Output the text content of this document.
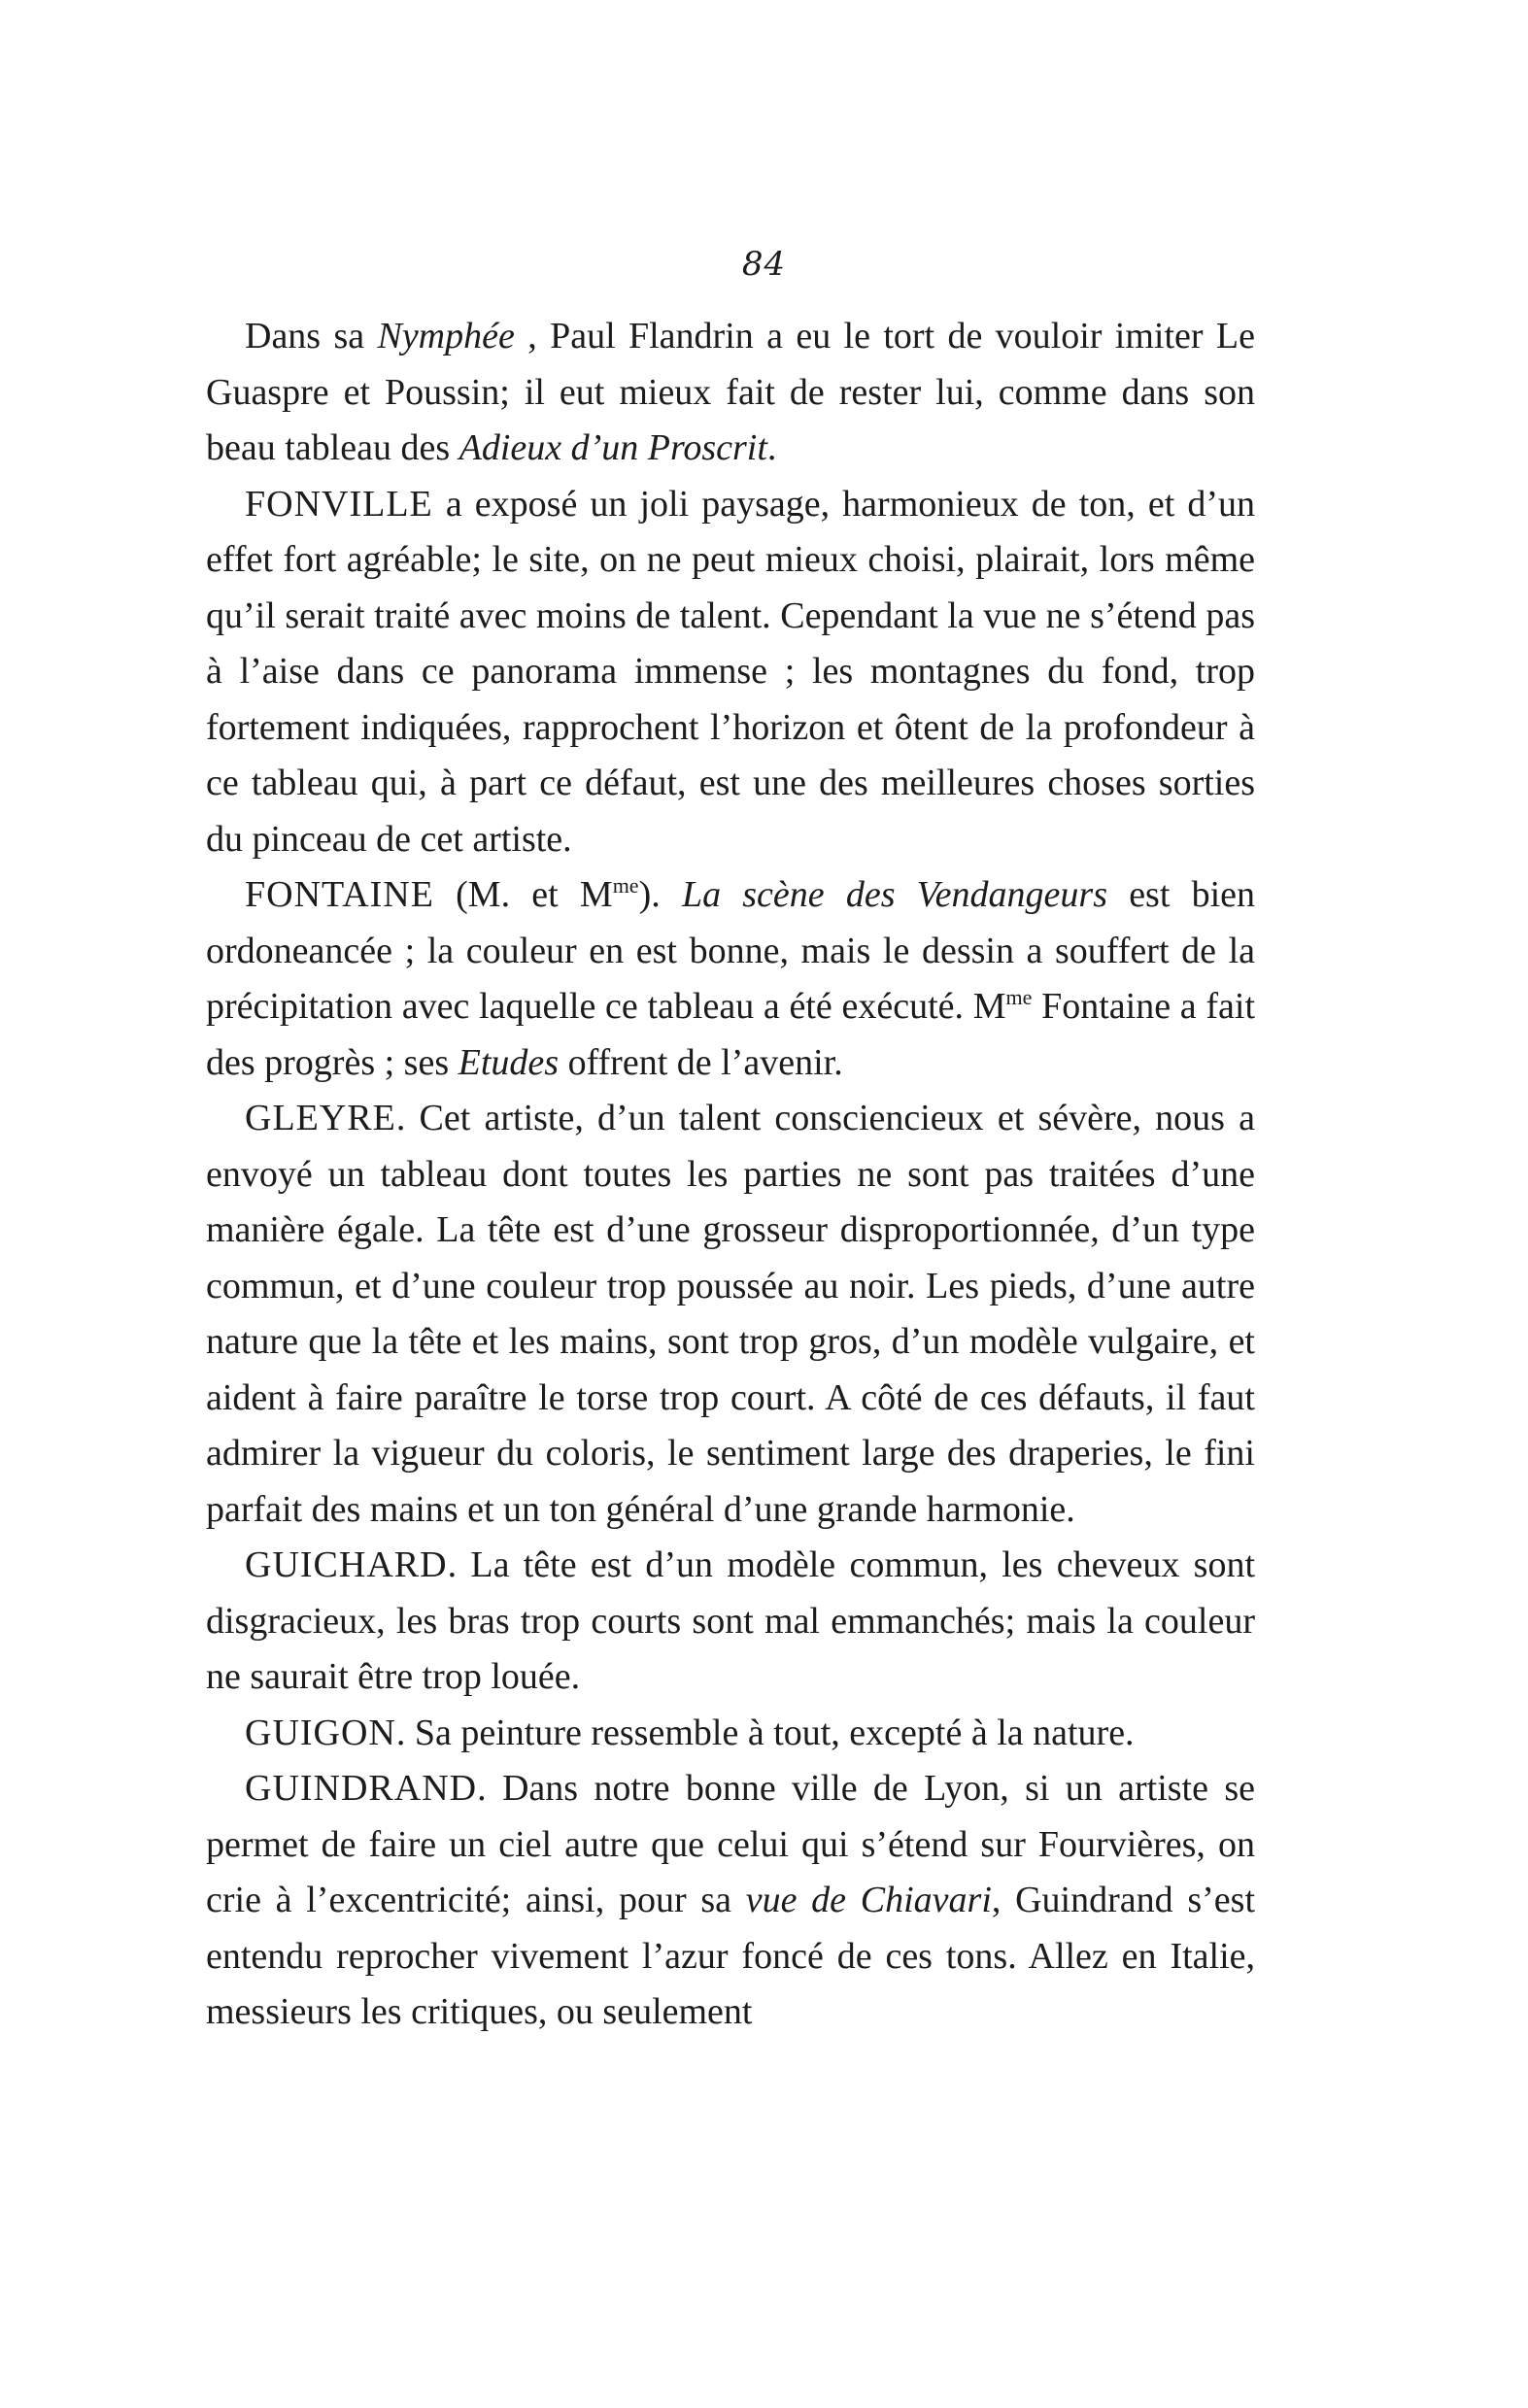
84

Dans sa Nymphée , Paul Flandrin a eu le tort de vouloir imiter Le Guaspre et Poussin; il eut mieux fait de rester lui, comme dans son beau tableau des Adieux d’un Proscrit.

FONVILLE a exposé un joli paysage, harmonieux de ton, et d’un effet fort agréable; le site, on ne peut mieux choisi, plairait, lors même qu’il serait traité avec moins de talent. Cependant la vue ne s’étend pas à l’aise dans ce panorama immense ; les montagnes du fond, trop fortement indiquées, rapprochent l’horizon et ôtent de la profondeur à ce tableau qui, à part ce défaut, est une des meilleures choses sorties du pinceau de cet artiste.

FONTAINE (M. et $M^{me}$). La scène des Vendangeurs est bien ordoneancée ; la couleur en est bonne, mais le dessin a souffert de la précipitation avec laquelle ce tableau a été exécuté. $M^{me}$ Fontaine a fait des progrès ; ses Etudes offrent de l’avenir.

GLEYRE. Cet artiste, d’un talent consciencieux et sévère, nous a envoyé un tableau dont toutes les parties ne sont pas traitées d’une manière égale. La tête est d’une grosseur disproportionnée, d’un type commun, et d’une couleur trop poussée au noir. Les pieds, d’une autre nature que la tête et les mains, sont trop gros, d’un modèle vulgaire, et aident à faire paraître le torse trop court. A côté de ces défauts, il faut admirer la vigueur du coloris, le sentiment large des draperies, le fini parfait des mains et un ton général d’une grande harmonie.

GUICHARD. La tête est d’un modèle commun, les cheveux sont disgracieux, les bras trop courts sont mal emmanchés; mais la couleur ne saurait être trop louée.

GUIGON. Sa peinture ressemble à tout, excepté à la nature.

GUINDRAND. Dans notre bonne ville de Lyon, si un artiste se permet de faire un ciel autre que celui qui s’étend sur Fourvières, on crie à l’excentricité; ainsi, pour sa vue de Chiavari, Guindrand s’est entendu reprocher vivement l’azur foncé de ces tons. Allez en Italie, messieurs les critiques, ou seulement
